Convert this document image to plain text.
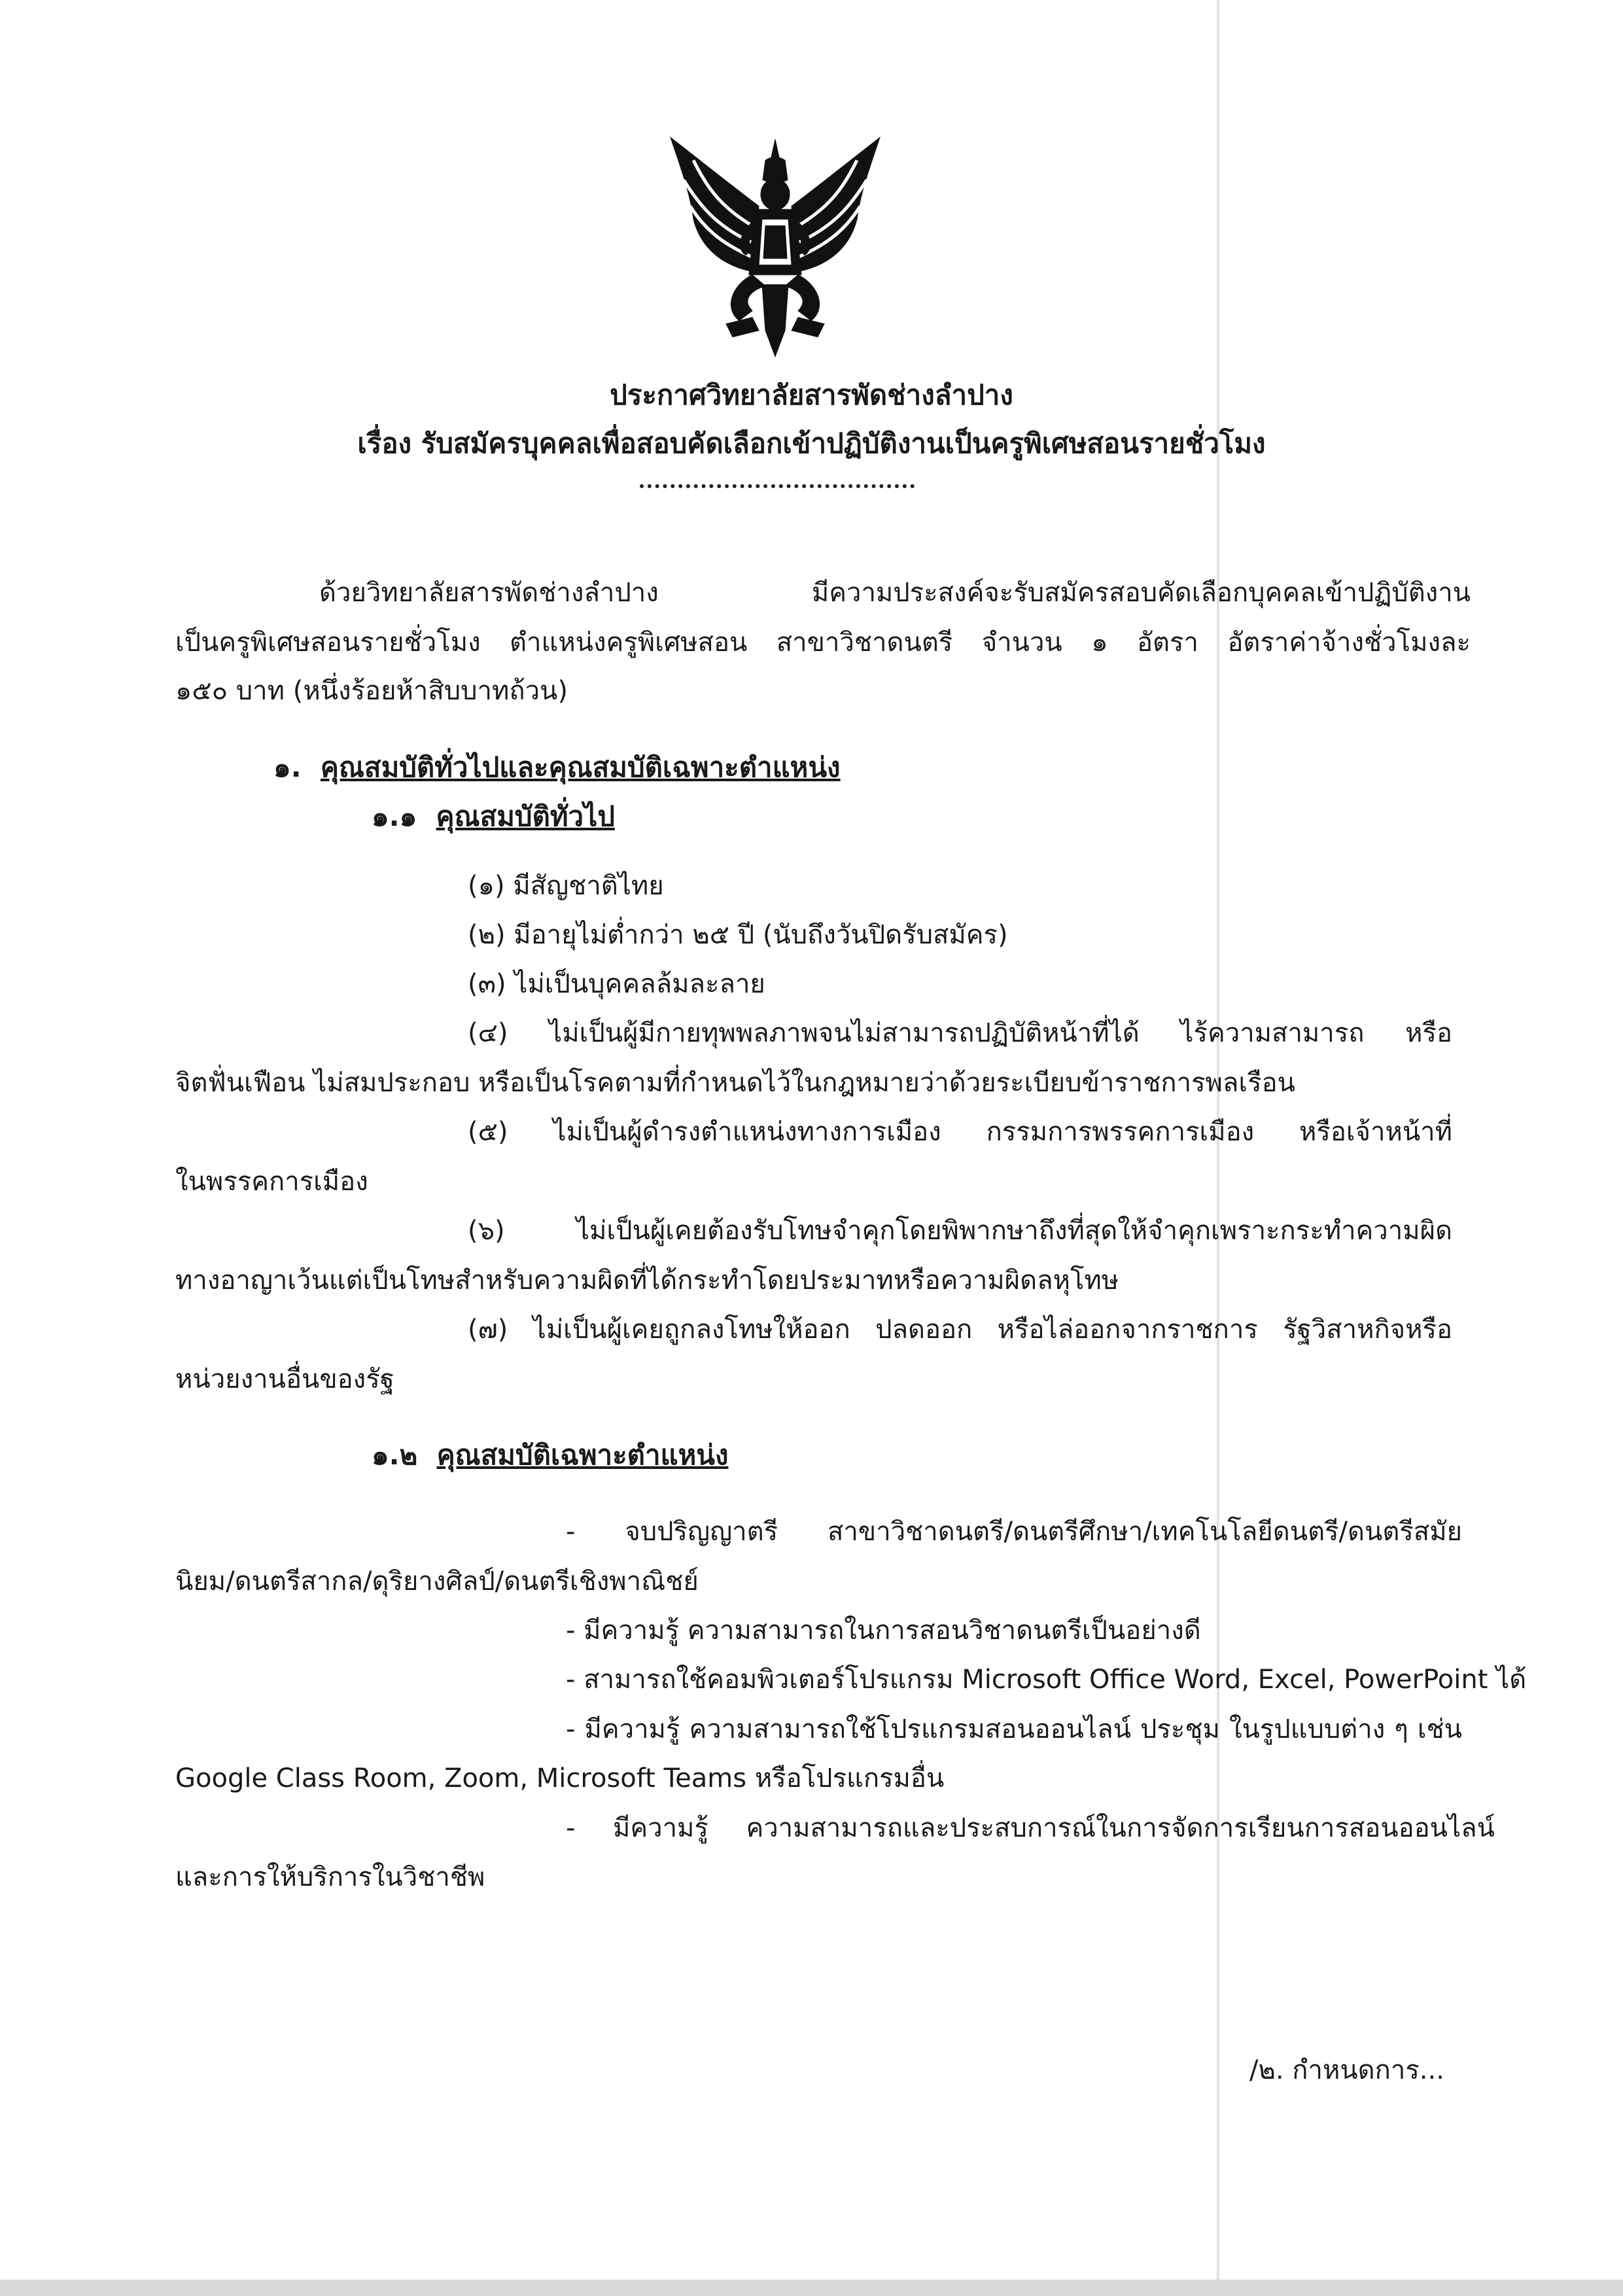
ประกาศวิทยาลัยสารพัดช่างลำปาง
เรื่อง รับสมัครบุคคลเพื่อสอบคัดเลือกเข้าปฏิบัติงานเป็นครูพิเศษสอนรายชั่วโมง
ด้วยวิทยาลัยสารพัดช่างลำปาง มีความประสงค์จะรับสมัครสอบคัดเลือกบุคคลเข้าปฏิบัติงาน
เป็นครูพิเศษสอนรายชั่วโมง ตำแหน่งครูพิเศษสอน สาขาวิชาดนตรี จำนวน ๑ อัตรา อัตราค่าจ้างชั่วโมงละ
๑๕๐ บาท (หนึ่งร้อยห้าสิบบาทถ้วน)
๑. คุณสมบัติทั่วไปและคุณสมบัติเฉพาะตำแหน่ง
๑.๑ คุณสมบัติทั่วไป
(๑) มีสัญชาติไทย
(๒) มีอายุไม่ต่ำกว่า ๒๕ ปี (นับถึงวันปิดรับสมัคร)
(๓) ไม่เป็นบุคคลล้มละลาย
(๔) ไม่เป็นผู้มีกายทุพพลภาพจนไม่สามารถปฏิบัติหน้าที่ได้ ไร้ความสามารถ หรือ
จิตฟั่นเฟือน ไม่สมประกอบ หรือเป็นโรคตามที่กำหนดไว้ในกฎหมายว่าด้วยระเบียบข้าราชการพลเรือน
(๕) ไม่เป็นผู้ดำรงตำแหน่งทางการเมือง กรรมการพรรคการเมือง หรือเจ้าหน้าที่
ในพรรคการเมือง
(๖) ไม่เป็นผู้เคยต้องรับโทษจำคุกโดยพิพากษาถึงที่สุดให้จำคุกเพราะกระทำความผิด
ทางอาญาเว้นแต่เป็นโทษสำหรับความผิดที่ได้กระทำโดยประมาทหรือความผิดลหุโทษ
(๗) ไม่เป็นผู้เคยถูกลงโทษให้ออก ปลดออก หรือไล่ออกจากราชการ รัฐวิสาหกิจหรือ
หน่วยงานอื่นของรัฐ
๑.๒ คุณสมบัติเฉพาะตำแหน่ง
- จบปริญญาตรี สาขาวิชาดนตรี/ดนตรีศึกษา/เทคโนโลยีดนตรี/ดนตรีสมัย
นิยม/ดนตรีสากล/ดุริยางศิลป์/ดนตรีเชิงพาณิชย์
- มีความรู้ ความสามารถในการสอนวิชาดนตรีเป็นอย่างดี
- สามารถใช้คอมพิวเตอร์โปรแกรม Microsoft Office Word, Excel, PowerPoint ได้
- มีความรู้ ความสามารถใช้โปรแกรมสอนออนไลน์ ประชุม ในรูปแบบต่าง ๆ เช่น
Google Class Room, Zoom, Microsoft Teams หรือโปรแกรมอื่น
- มีความรู้ ความสามารถและประสบการณ์ในการจัดการเรียนการสอนออนไลน์
และการให้บริการในวิชาชีพ
/๒. กำหนดการ...
